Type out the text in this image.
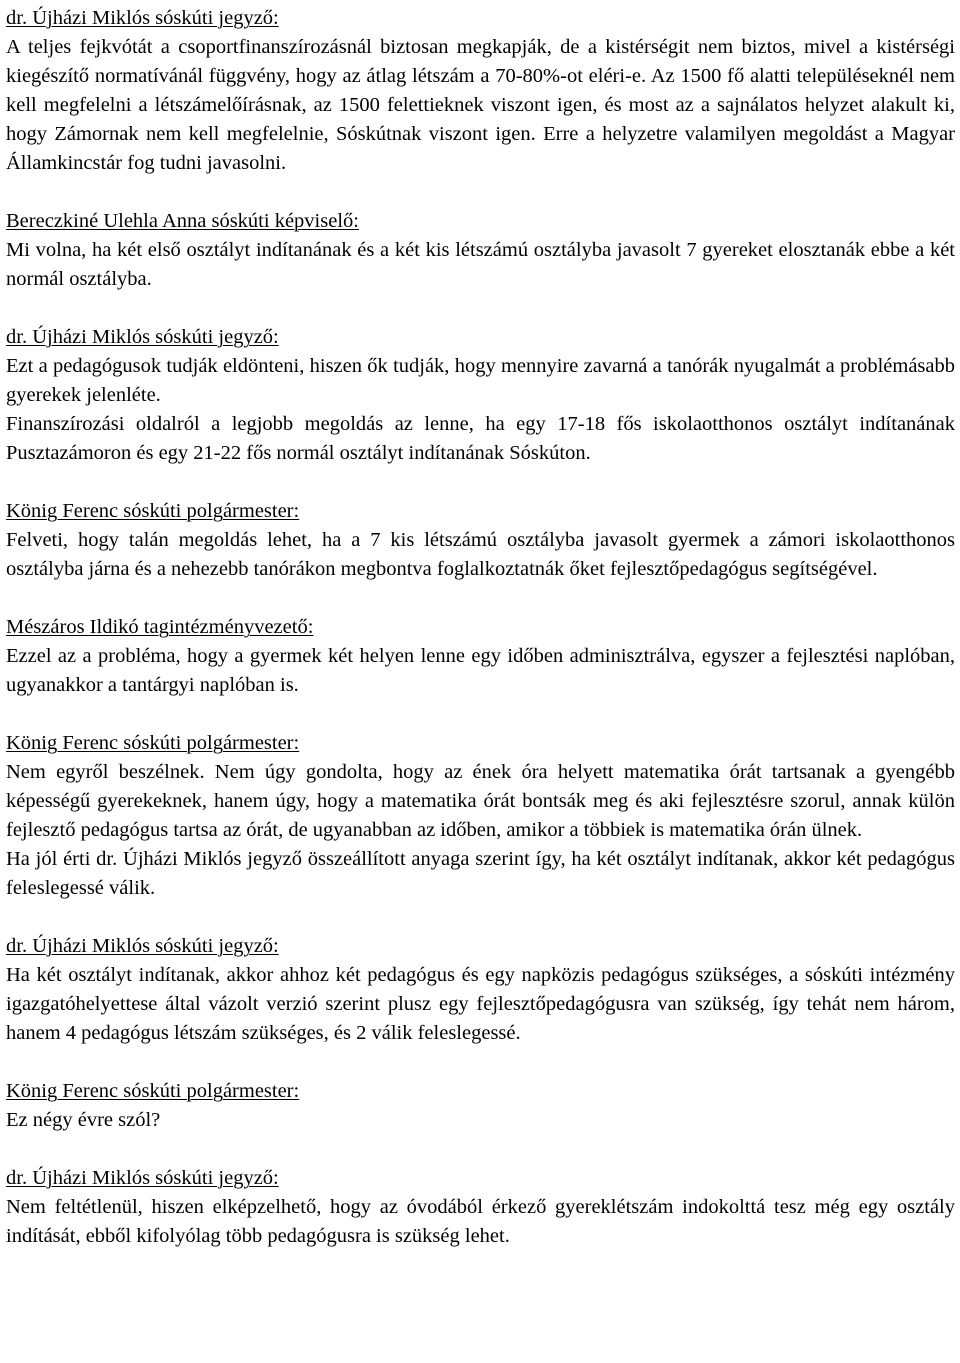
dr. Újházi Miklós sóskúti jegyző:

A teljes fejkvótát a csoportfinanszírozásnál biztosan megkapják, de a kistérségit nem biztos, mivel a kistérségi kiegészítő normatívánál függvény, hogy az átlag létszám a 70-80%-ot eléri-e. Az 1500 fő alatti településeknél nem kell megfelelni a létszámelőírásnak, az 1500 felettieknek viszont igen, és most az a sajnálatos helyzet alakult ki, hogy Zámornak nem kell megfelelnie, Sóskútnak viszont igen. Erre a helyzetre valamilyen megoldást a Magyar Államkincstár fog tudni javasolni.

Bereczkiné Ulehla Anna sóskúti képviselő:

Mi volna, ha két első osztályt indítanának és a két kis létszámú osztályba javasolt 7 gyereket elosztanák ebbe a két normál osztályba.

dr. Újházi Miklós sóskúti jegyző:

Ezt a pedagógusok tudják eldönteni, hiszen ők tudják, hogy mennyire zavarná a tanórák nyugalmát a problémásabb gyerekek jelenléte.

Finanszírozási oldalról a legjobb megoldás az lenne, ha egy 17-18 fős iskolaotthonos osztályt indítanának Pusztazámoron és egy 21-22 fős normál osztályt indítanának Sóskúton.

König Ferenc sóskúti polgármester:

Felveti, hogy talán megoldás lehet, ha a 7 kis létszámú osztályba javasolt gyermek a zámori iskolaotthonos osztályba járna és a nehezebb tanórákon megbontva foglalkoztatnák őket fejlesztőpedagógus segítségével.

Mészáros Ildikó tagintézményvezető:

Ezzel az a probléma, hogy a gyermek két helyen lenne egy időben adminisztrálva, egyszer a fejlesztési naplóban, ugyanakkor a tantárgyi naplóban is.

König Ferenc sóskúti polgármester:

Nem egyről beszélnek. Nem úgy gondolta, hogy az ének óra helyett matematika órát tartsanak a gyengébb képességű gyerekeknek, hanem úgy, hogy a matematika órát bontsák meg és aki fejlesztésre szorul, annak külön fejlesztő pedagógus tartsa az órát, de ugyanabban az időben, amikor a többiek is matematika órán ülnek.

Ha jól érti dr. Újházi Miklós jegyző összeállított anyaga szerint így, ha két osztályt indítanak, akkor két pedagógus feleslegessé válik.

dr. Újházi Miklós sóskúti jegyző:

Ha két osztályt indítanak, akkor ahhoz két pedagógus és egy napközis pedagógus szükséges, a sóskúti intézmény igazgatóhelyettese által vázolt verzió szerint plusz egy fejlesztőpedagógusra van szükség, így tehát nem három, hanem 4 pedagógus létszám szükséges, és 2 válik feleslegessé.

König Ferenc sóskúti polgármester:

Ez négy évre szól?

dr. Újházi Miklós sóskúti jegyző:

Nem feltétlenül, hiszen elképzelhető, hogy az óvodából érkező gyereklétszám indokolttá tesz még egy osztály indítását, ebből kifolyólag több pedagógusra is szükség lehet.
